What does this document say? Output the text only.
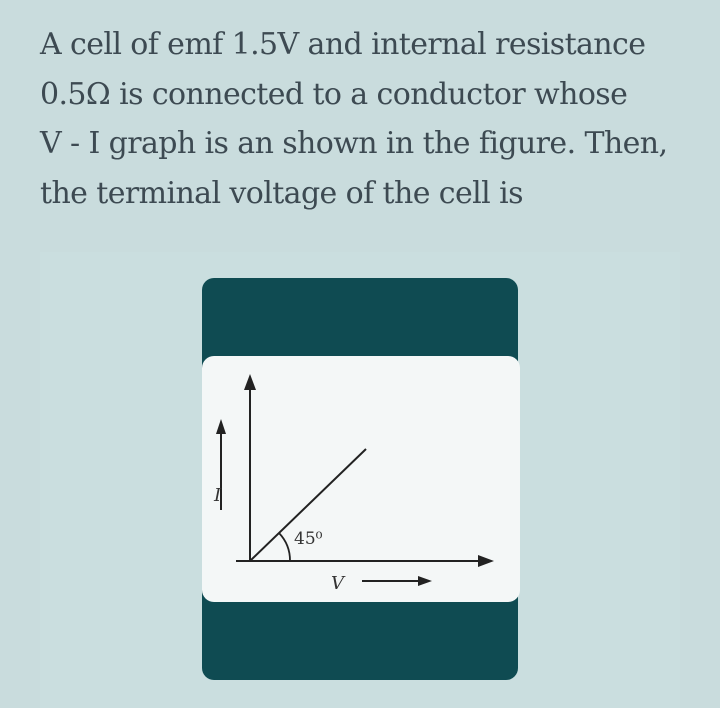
A cell of emf 1.5V and internal resistance
0.5Ω is connected to a conductor whose
V - I graph is an shown in the figure. Then,
the terminal voltage of the cell is
45⁰
I
V
